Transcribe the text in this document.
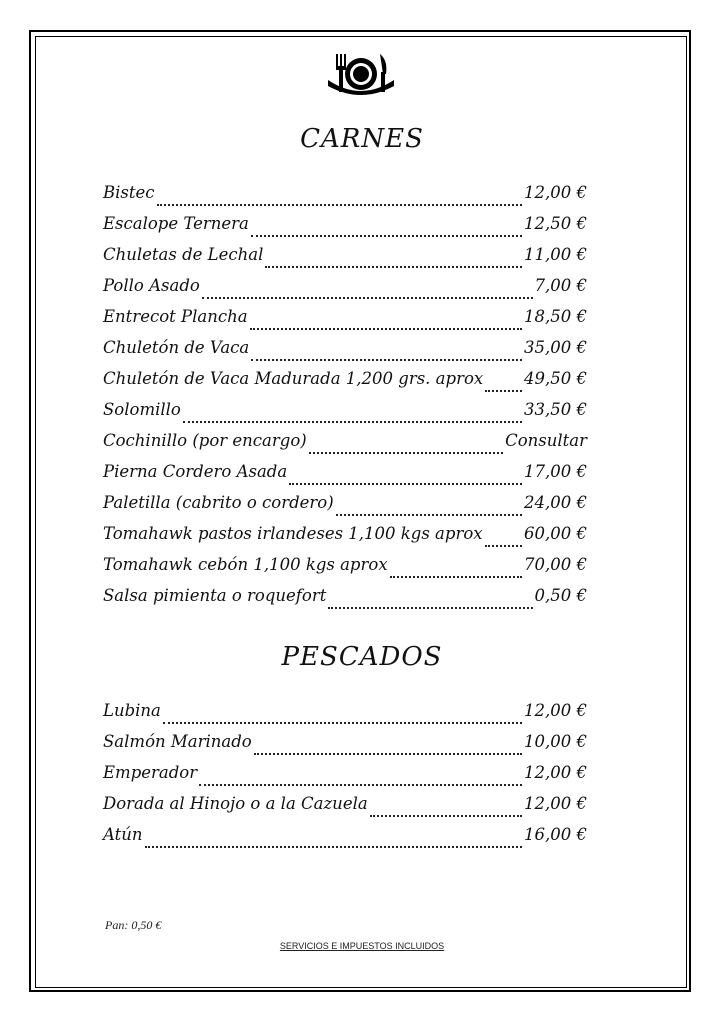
CARNES
Bistec	12,00 €
Escalope Ternera	12,50 €
Chuletas de Lechal	11,00 €
Pollo Asado	7,00 €
Entrecot Plancha	18,50 €
Chuletón de Vaca	35,00 €
Chuletón de Vaca Madurada 1,200 grs. aprox 49,50 €
Solomillo	33,50 €
Cochinillo (por encargo)	Consultar
Pierna Cordero Asada	17,00 €
Paletilla (cabrito o cordero)	24,00 €
Tomahawk pastos irlandeses 1,100 kgs aprox	60,00 €
Tomahawk cebón 1,100 kgs aprox	70,00 €
Salsa pimienta o roquefort	0,50 €
PESCADOS
Lubina	12,00 €
Salmón Marinado	10,00 €
Emperador	12,00 €
Dorada al Hinojo o a la Cazuela	12,00 €
Atún	16,00 €
Pan: 0,50 €
SERVICIOS E IMPUESTOS INCLUIDOS
